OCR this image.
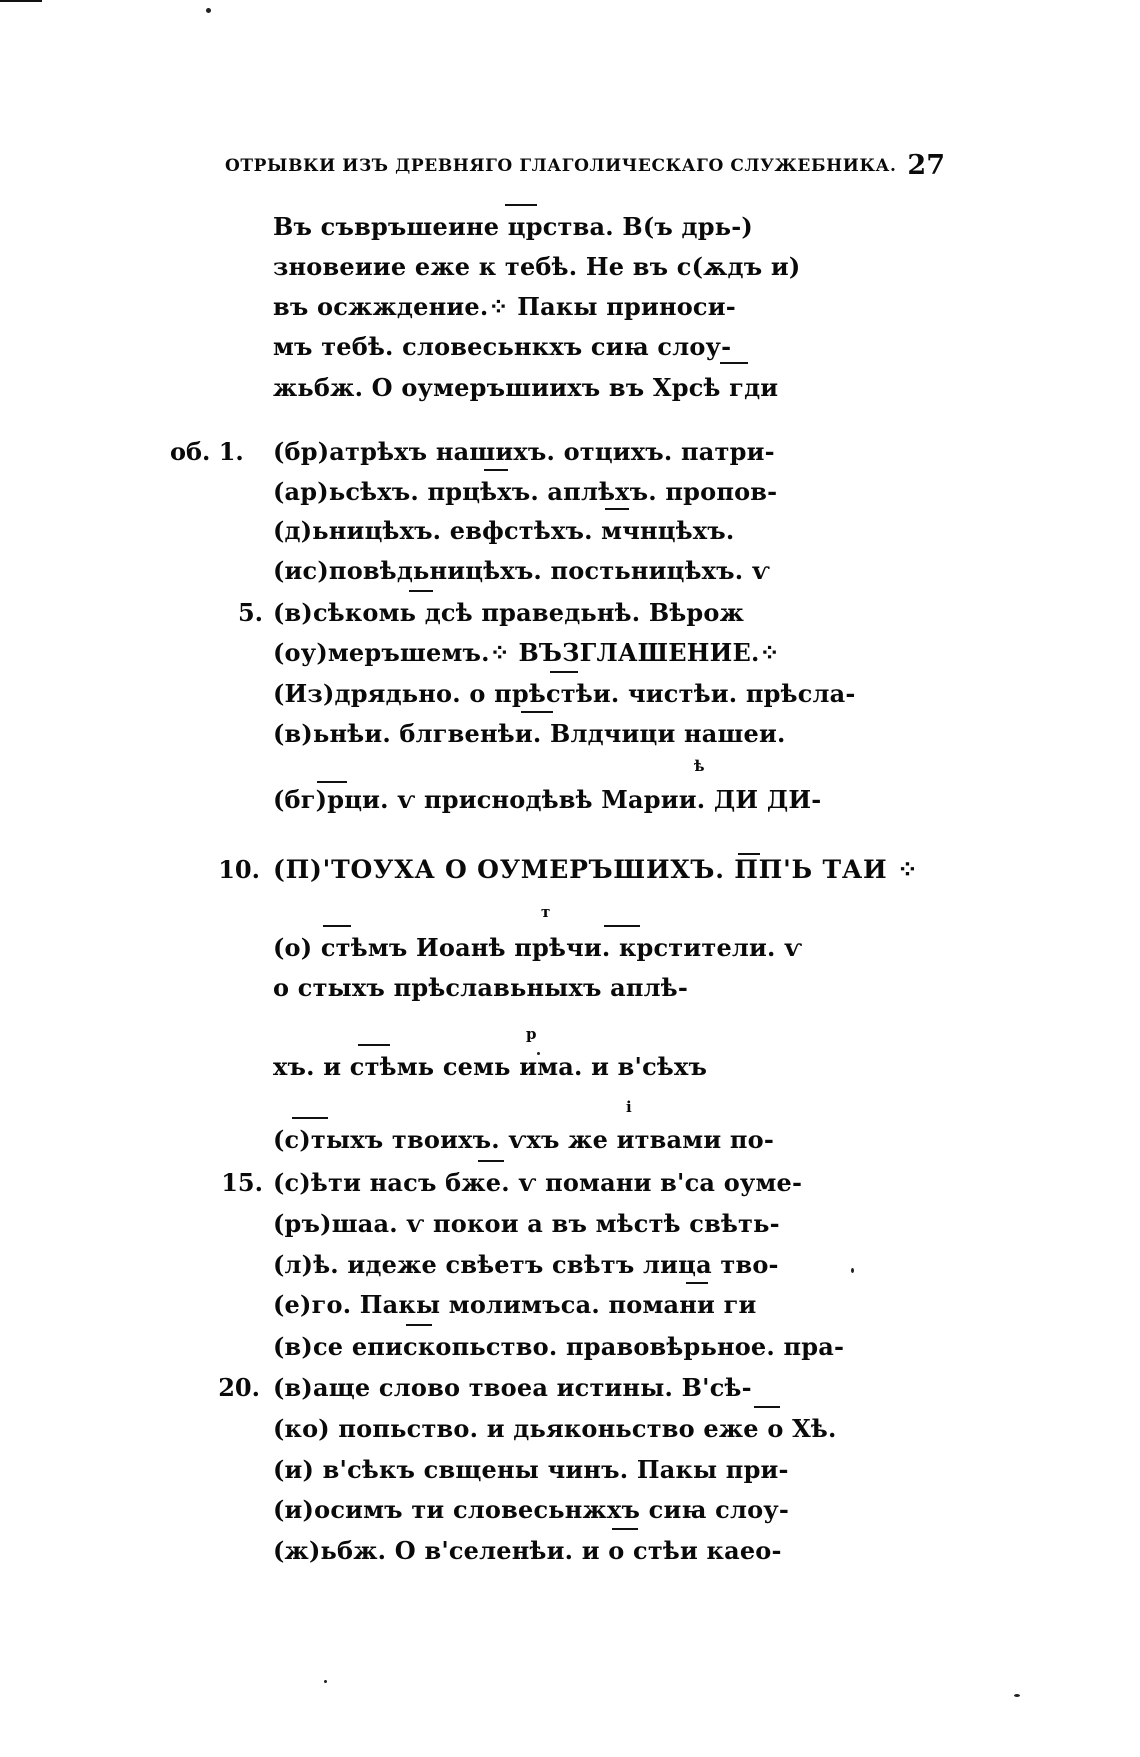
ОТРЫВКИ ИЗЪ ДРЕВНЯГО ГЛАГОЛИЧЕСКАГО СЛУЖЕБНИКА. 27
Въ съвръшеине црства. В(ъ дрь-)
зновеиие еже к тебѣ. Не въ с(ѫдъ и)
въ осжждение.⁘ Пакы приноси-
мъ тебѣ. словесьнкхъ сиꙗ слоу-
жьбж. О оумеръшиихъ въ Хрсѣ гди
об. 1.	(бр)атрѣхъ нашихъ. отцихъ. патри-
(ар)ьсѣхъ. прцѣхъ. аплѣхъ. пропов-
(д)ьницѣхъ. евфстѣхъ. мчнцѣхъ.
(ис)повѣдьницѣхъ. постьницѣхъ. ѵ
5. (в)сѣкомь дсѣ праведьнѣ. Вѣрож
(оу)меръшемъ.⁘ ВЪЗГЛАШЕНИЕ.⁘
(Из)дрядьно. о прѣстѣи. чистѣи. прѣсла-
(в)ьнѣи. блгвенѣи. Влдчици нашеи.
ѣ
(бг)рци. ѵ приснодѣвѣ Марии. ДИ ДИ-
10. (П)'ТОУХА О ОУМЕРЪШИХЪ. ПП'Ь ТАИ ⁘
т
(о) стѣмъ Иоанѣ прѣчи. крстители. ѵ
о стыхъ прѣславьныхъ аплѣ-
р
хъ. и стѣмь семь има. и в'сѣхъ
і
(с)тыхъ твоихъ. ѵхъ же итвами по-
15. (с)ѣти насъ бже. ѵ помани в'са оуме-
(ръ)шаа. ѵ покои а въ мѣстѣ свѣть-
(л)ѣ. идеже свѣетъ свѣтъ лица тво-
(е)го. Пакы молимъса. помани ги
(в)се епископьство. правовѣрьное. пра-
20. (в)аще слово твоеа истины. В'сѣ-
(ко) попьство. и дьяконьство еже о Хѣ.
(и) в'сѣкъ свщены чинъ. Пакы при-
(и)осимъ ти словесьнжхъ сиꙗ слоу-
(ж)ьбж. О в'селенѣи. и о стѣи каео-
